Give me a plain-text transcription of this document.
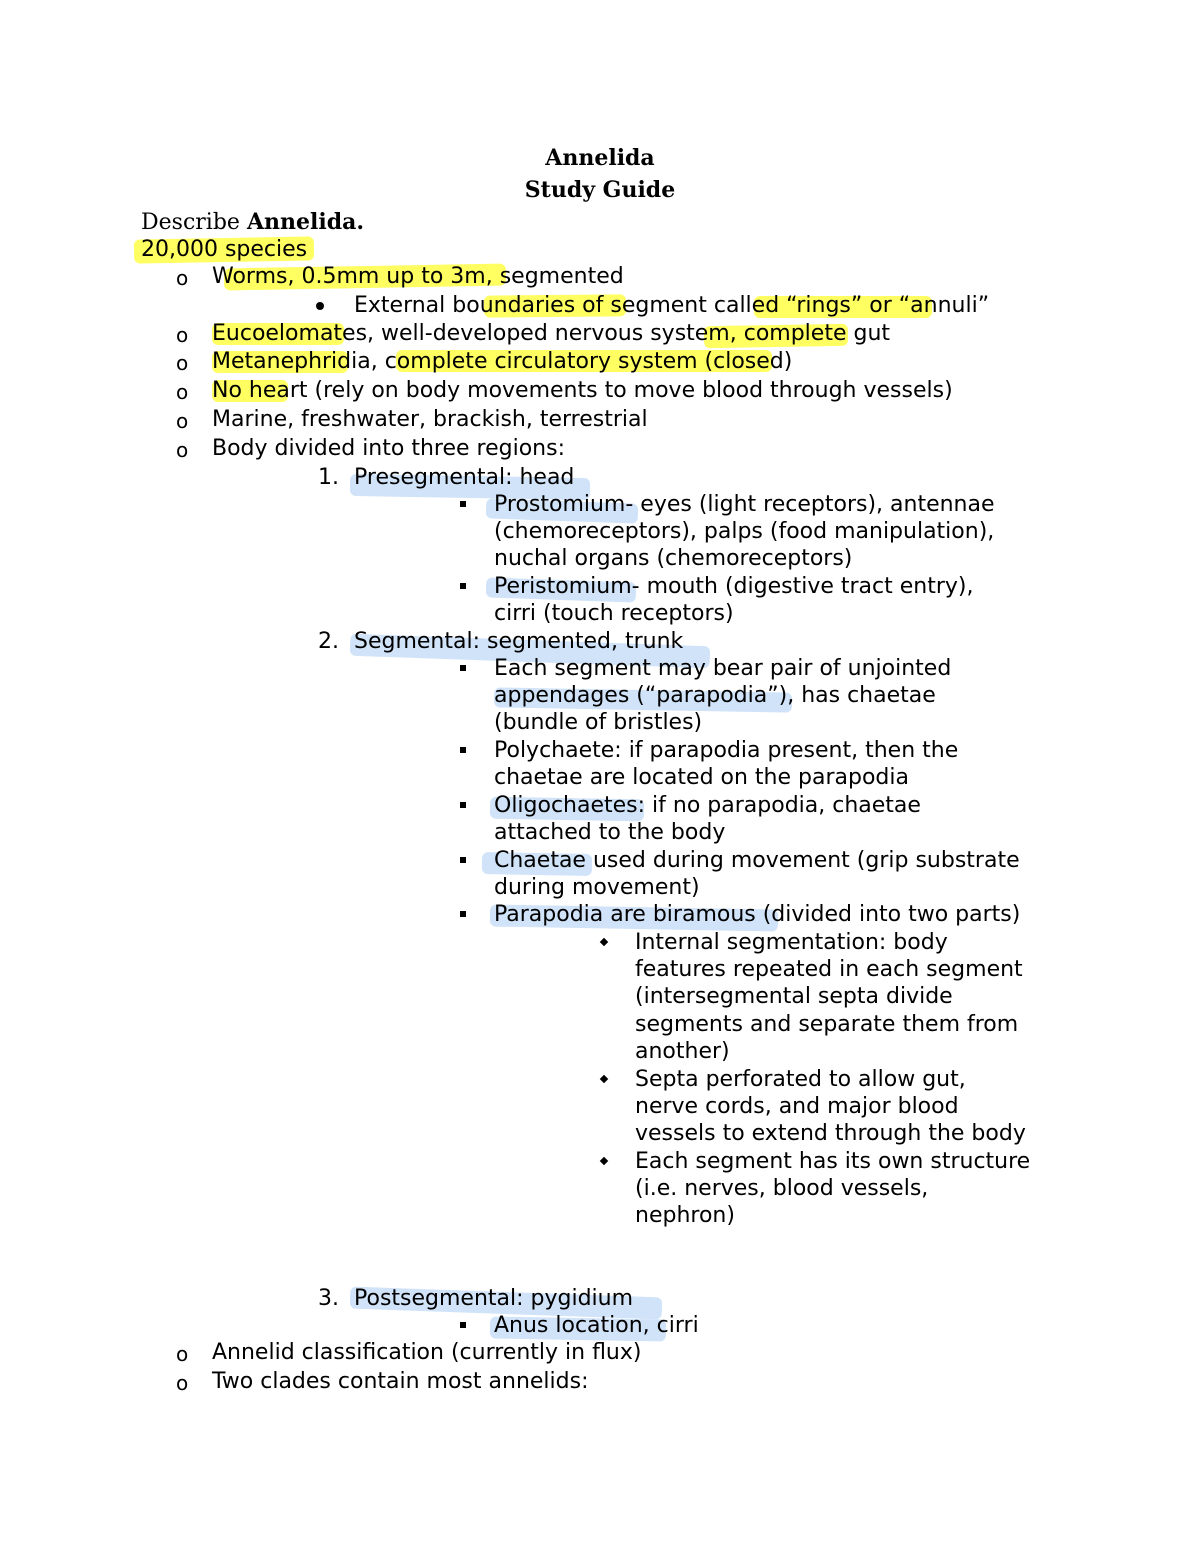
Annelida
Study Guide
Describe Annelida.
20,000 species
o Worms, 0.5mm up to 3m, segmented
External boundaries of segment called “rings” or “annuli”
o Eucoelomates, well-developed nervous system, complete gut
o Metanephridia, complete circulatory system (closed)
o No heart (rely on body movements to move blood through vessels)
o Marine, freshwater, brackish, terrestrial
o Body divided into three regions:
1. Presegmental: head
Prostomium- eyes (light receptors), antennae
(chemoreceptors), palps (food manipulation),
nuchal organs (chemoreceptors)
Peristomium- mouth (digestive tract entry),
cirri (touch receptors)
2. Segmental: segmented, trunk
Each segment may bear pair of unjointed
appendages (“parapodia”), has chaetae
(bundle of bristles)
Polychaete: if parapodia present, then the
chaetae are located on the parapodia
Oligochaetes: if no parapodia, chaetae
attached to the body
Chaetae used during movement (grip substrate
during movement)
Parapodia are biramous (divided into two parts)
Internal segmentation: body
features repeated in each segment
(intersegmental septa divide
segments and separate them from
another)
Septa perforated to allow gut,
nerve cords, and major blood
vessels to extend through the body
Each segment has its own structure
(i.e. nerves, blood vessels,
nephron)
3. Postsegmental: pygidium
Anus location, cirri
o Annelid classification (currently in flux)
o Two clades contain most annelids:
